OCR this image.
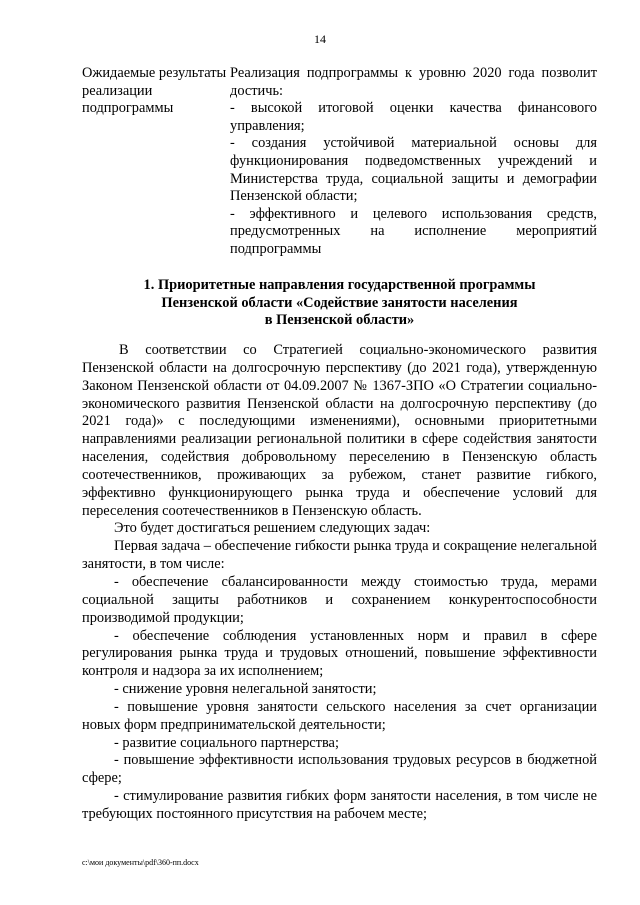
14
Ожидаемые результаты реализации подпрограммы
Реализация подпрограммы к уровню 2020 года позволит достичь:
- высокой итоговой оценки качества финансового управления;
- создания устойчивой материальной основы для функционирования подведомственных учреждений и Министерства труда, социальной защиты и демографии Пензенской области;
- эффективного и целевого использования средств, предусмотренных на исполнение мероприятий подпрограммы
1. Приоритетные направления государственной программы
Пензенской области «Содействие занятости населения
в Пензенской области»
В соответствии со Стратегией социально-экономического развития Пензенской области на долгосрочную перспективу (до 2021 года), утвержденную Законом Пензенской области от 04.09.2007 № 1367-ЗПО «О Стратегии социально-экономического развития Пензенской области на долгосрочную перспективу (до 2021 года)» с последующими изменениями), основными приоритетными направлениями реализации региональной политики в сфере содействия занятости населения, содействия добровольному переселению в Пензенскую область соотечественников, проживающих за рубежом, станет развитие гибкого, эффективно функционирующего рынка труда и обеспечение условий для переселения соотечественников в Пензенскую область.
Это будет достигаться решением следующих задач:
Первая задача – обеспечение гибкости рынка труда и сокращение нелегальной занятости, в том числе:
- обеспечение сбалансированности между стоимостью труда, мерами социальной защиты работников и сохранением конкурентоспособности производимой продукции;
- обеспечение соблюдения установленных норм и правил в сфере регулирования рынка труда и трудовых отношений, повышение эффективности контроля и надзора за их исполнением;
- снижение уровня нелегальной занятости;
- повышение уровня занятости сельского населения за счет организации новых форм предпринимательской деятельности;
- развитие социального партнерства;
- повышение эффективности использования трудовых ресурсов в бюджетной сфере;
- стимулирование развития гибких форм занятости населения, в том числе не требующих постоянного присутствия на рабочем месте;
c:\мои документы\pdf\360-пп.docx
